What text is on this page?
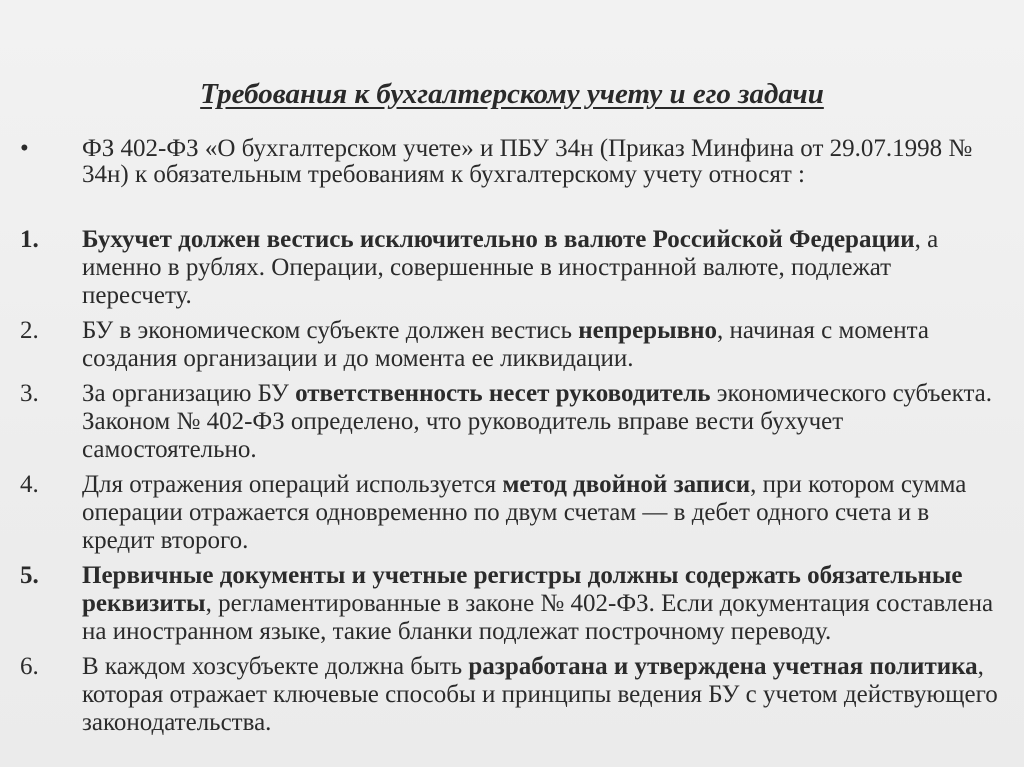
Требования к бухгалтерскому учету и его задачи
•	ФЗ 402-ФЗ «О бухгалтерском учете» и ПБУ 34н (Приказ Минфина от 29.07.1998 № 34н) к обязательным требованиям к бухгалтерскому учету относят :
1.	Бухучет должен вестись исключительно в валюте Российской Федерации, а именно в рублях. Операции, совершенные в иностранной валюте, подлежат пересчету.
2.	БУ в экономическом субъекте должен вестись непрерывно, начиная с момента создания организации и до момента ее ликвидации.
3.	За организацию БУ ответственность несет руководитель экономического субъекта. Законом № 402-ФЗ определено, что руководитель вправе вести бухучет самостоятельно.
4.	Для отражения операций используется метод двойной записи, при котором сумма операции отражается одновременно по двум счетам — в дебет одного счета и в кредит второго.
5.	Первичные документы и учетные регистры должны содержать обязательные реквизиты, регламентированные в законе № 402-ФЗ. Если документация составлена на иностранном языке, такие бланки подлежат построчному переводу.
6.	В каждом хозсубъекте должна быть разработана и утверждена учетная политика, которая отражает ключевые способы и принципы ведения БУ с учетом действующего законодательства.
